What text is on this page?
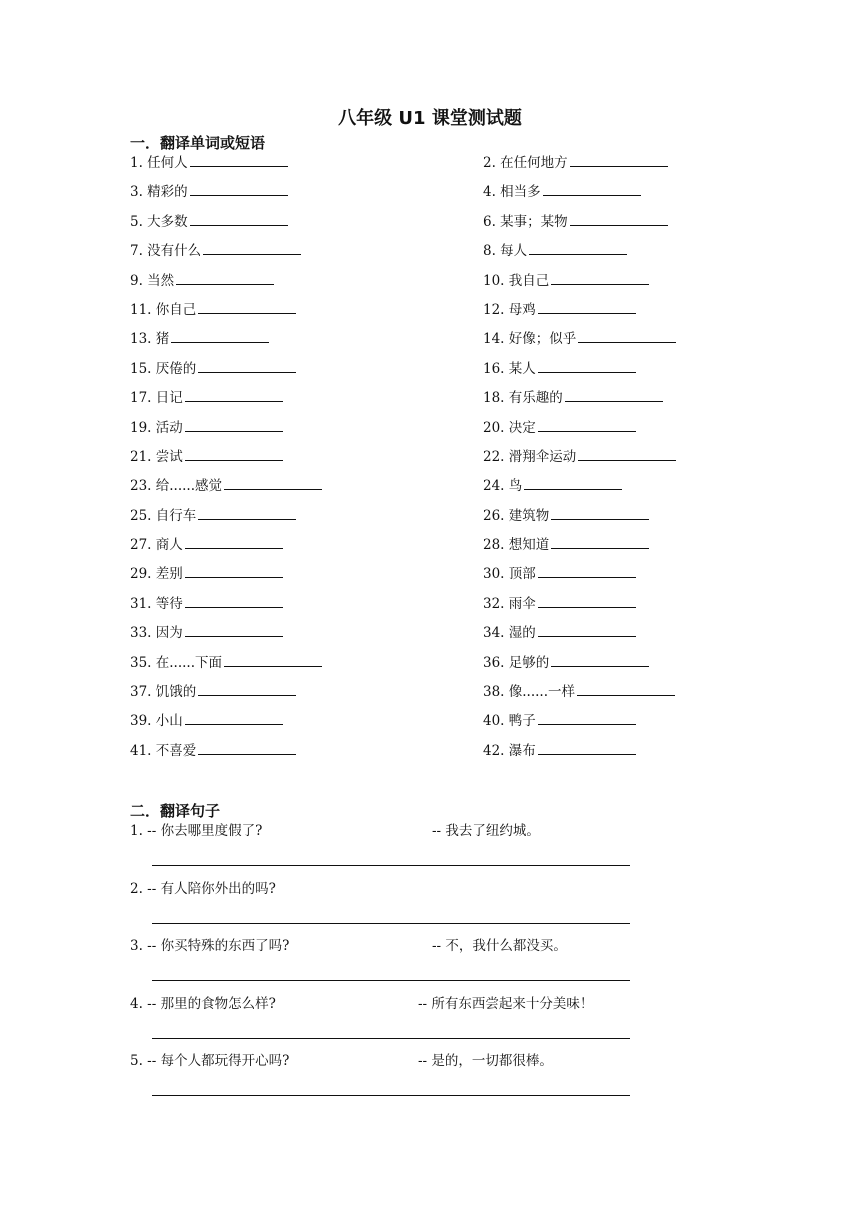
八年级 U1 课堂测试题
一．翻译单词或短语
1. 任何人	2. 在任何地方
3. 精彩的	4. 相当多
5. 大多数	6. 某事；某物
7. 没有什么	8. 每人
9. 当然	10. 我自己
11. 你自己	12. 母鸡
13. 猪	14. 好像；似乎
15. 厌倦的	16. 某人
17. 日记	18. 有乐趣的
19. 活动	20. 决定
21. 尝试	22. 滑翔伞运动
23. 给......感觉	24. 鸟
25. 自行车	26. 建筑物
27. 商人	28. 想知道
29. 差别	30. 顶部
31. 等待	32. 雨伞
33. 因为	34. 湿的
35. 在......下面	36. 足够的
37. 饥饿的	38. 像......一样
39. 小山	40. 鸭子
41. 不喜爱	42. 瀑布
二．翻译句子
1. -- 你去哪里度假了?	-- 我去了纽约城。
2. -- 有人陪你外出的吗?
3. -- 你买特殊的东西了吗?	-- 不，我什么都没买。
4. -- 那里的食物怎么样?	-- 所有东西尝起来十分美味！
5. -- 每个人都玩得开心吗?	-- 是的，一切都很棒。
